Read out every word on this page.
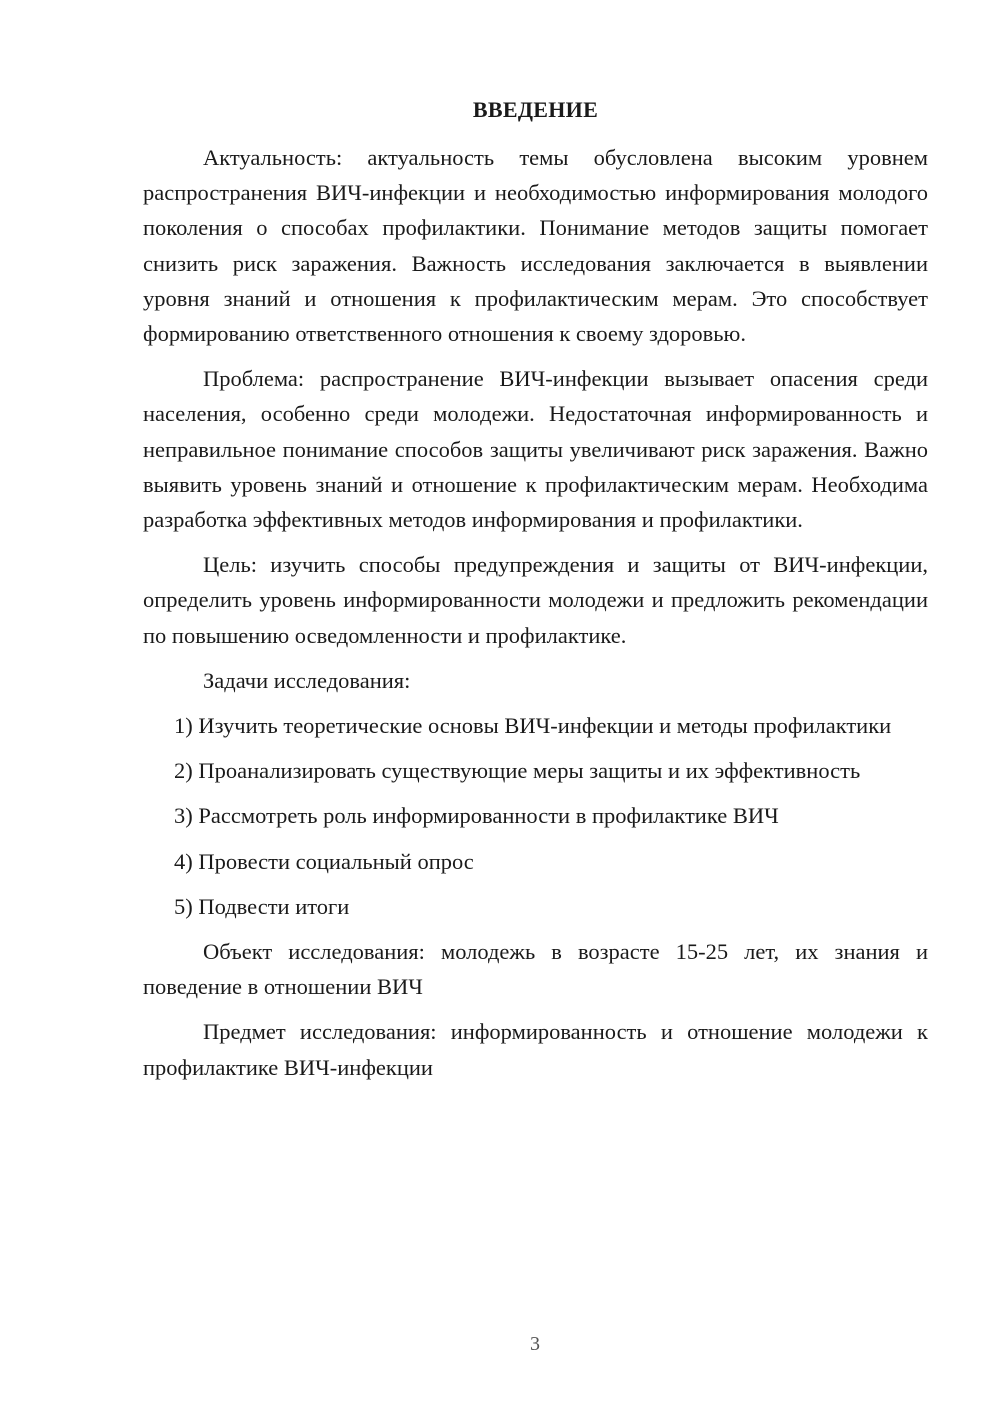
ВВЕДЕНИЕ

Актуальность: актуальность темы обусловлена высоким уровнем распространения ВИЧ-инфекции и необходимостью информирования молодого поколения о способах профилактики. Понимание методов защиты помогает снизить риск заражения. Важность исследования заключается в выявлении уровня знаний и отношения к профилактическим мерам. Это способствует формированию ответственного отношения к своему здоровью.

Проблема: распространение ВИЧ-инфекции вызывает опасения среди населения, особенно среди молодежи. Недостаточная информированность и неправильное понимание способов защиты увеличивают риск заражения. Важно выявить уровень знаний и отношение к профилактическим мерам. Необходима разработка эффективных методов информирования и профилактики.

Цель: изучить способы предупреждения и защиты от ВИЧ-инфекции, определить уровень информированности молодежи и предложить рекомендации по повышению осведомленности и профилактике.

Задачи исследования:

1) Изучить теоретические основы ВИЧ-инфекции и методы профилактики

2) Проанализировать существующие меры защиты и их эффективность

3) Рассмотреть роль информированности в профилактике ВИЧ

4) Провести социальный опрос

5) Подвести итоги

Объект исследования: молодежь в возрасте 15-25 лет, их знания и поведение в отношении ВИЧ

Предмет исследования: информированность и отношение молодежи к профилактике ВИЧ-инфекции

3
